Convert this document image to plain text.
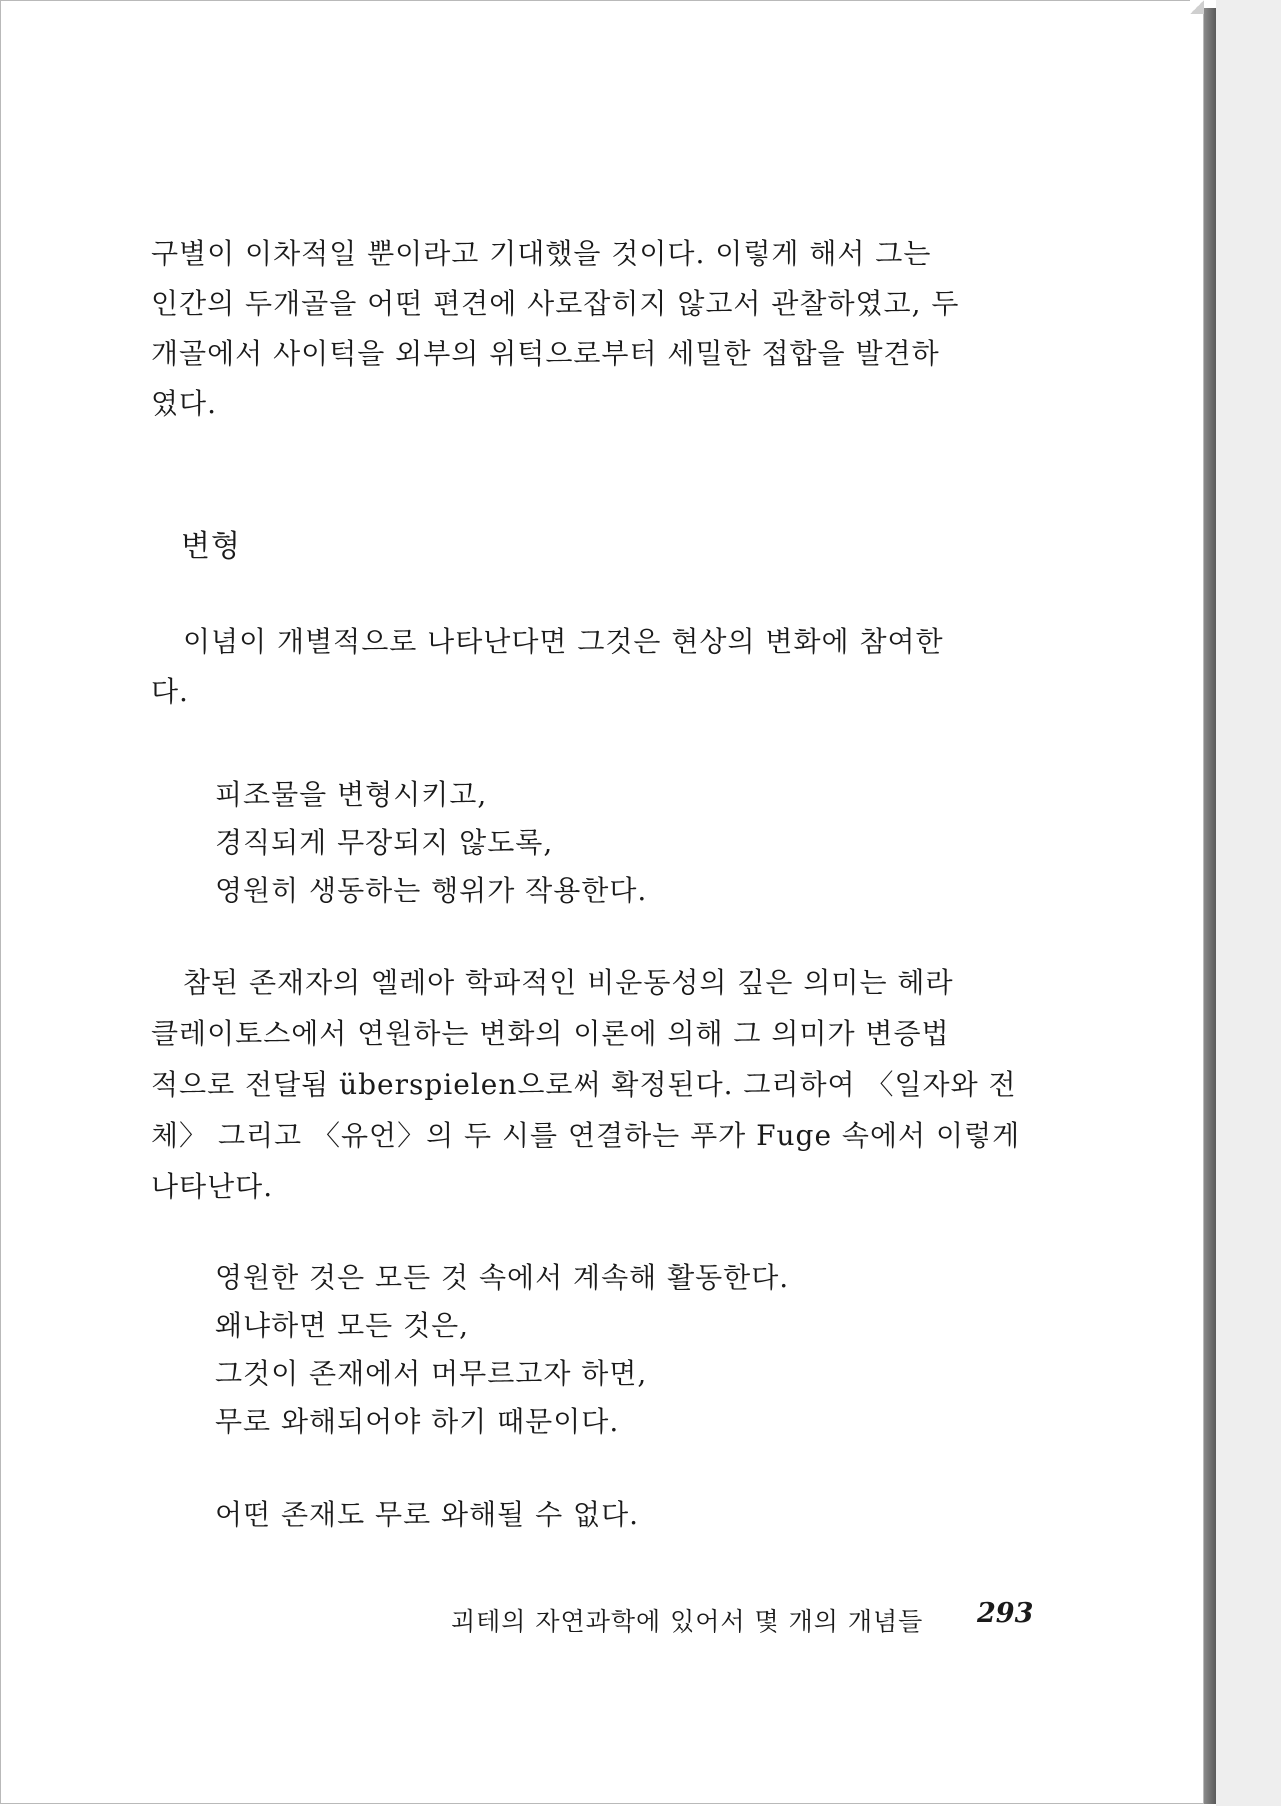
구별이 이차적일 뿐이라고 기대했을 것이다. 이렇게 해서 그는
인간의 두개골을 어떤 편견에 사로잡히지 않고서 관찰하였고, 두
개골에서 사이턱을 외부의 위턱으로부터 세밀한 접합을 발견하
였다.
변형
이념이 개별적으로 나타난다면 그것은 현상의 변화에 참여한
다.
피조물을 변형시키고,
경직되게 무장되지 않도록,
영원히 생동하는 행위가 작용한다.
참된 존재자의 엘레아 학파적인 비운동성의 깊은 의미는 헤라
클레이토스에서 연원하는 변화의 이론에 의해 그 의미가 변증법
적으로 전달됨 überspielen으로써 확정된다. 그리하여 〈일자와 전
체〉 그리고 〈유언〉의 두 시를 연결하는 푸가 Fuge 속에서 이렇게
나타난다.
영원한 것은 모든 것 속에서 계속해 활동한다.
왜냐하면 모든 것은,
그것이 존재에서 머무르고자 하면,
무로 와해되어야 하기 때문이다.
어떤 존재도 무로 와해될 수 없다.
괴테의 자연과학에 있어서 몇 개의 개념들 293
